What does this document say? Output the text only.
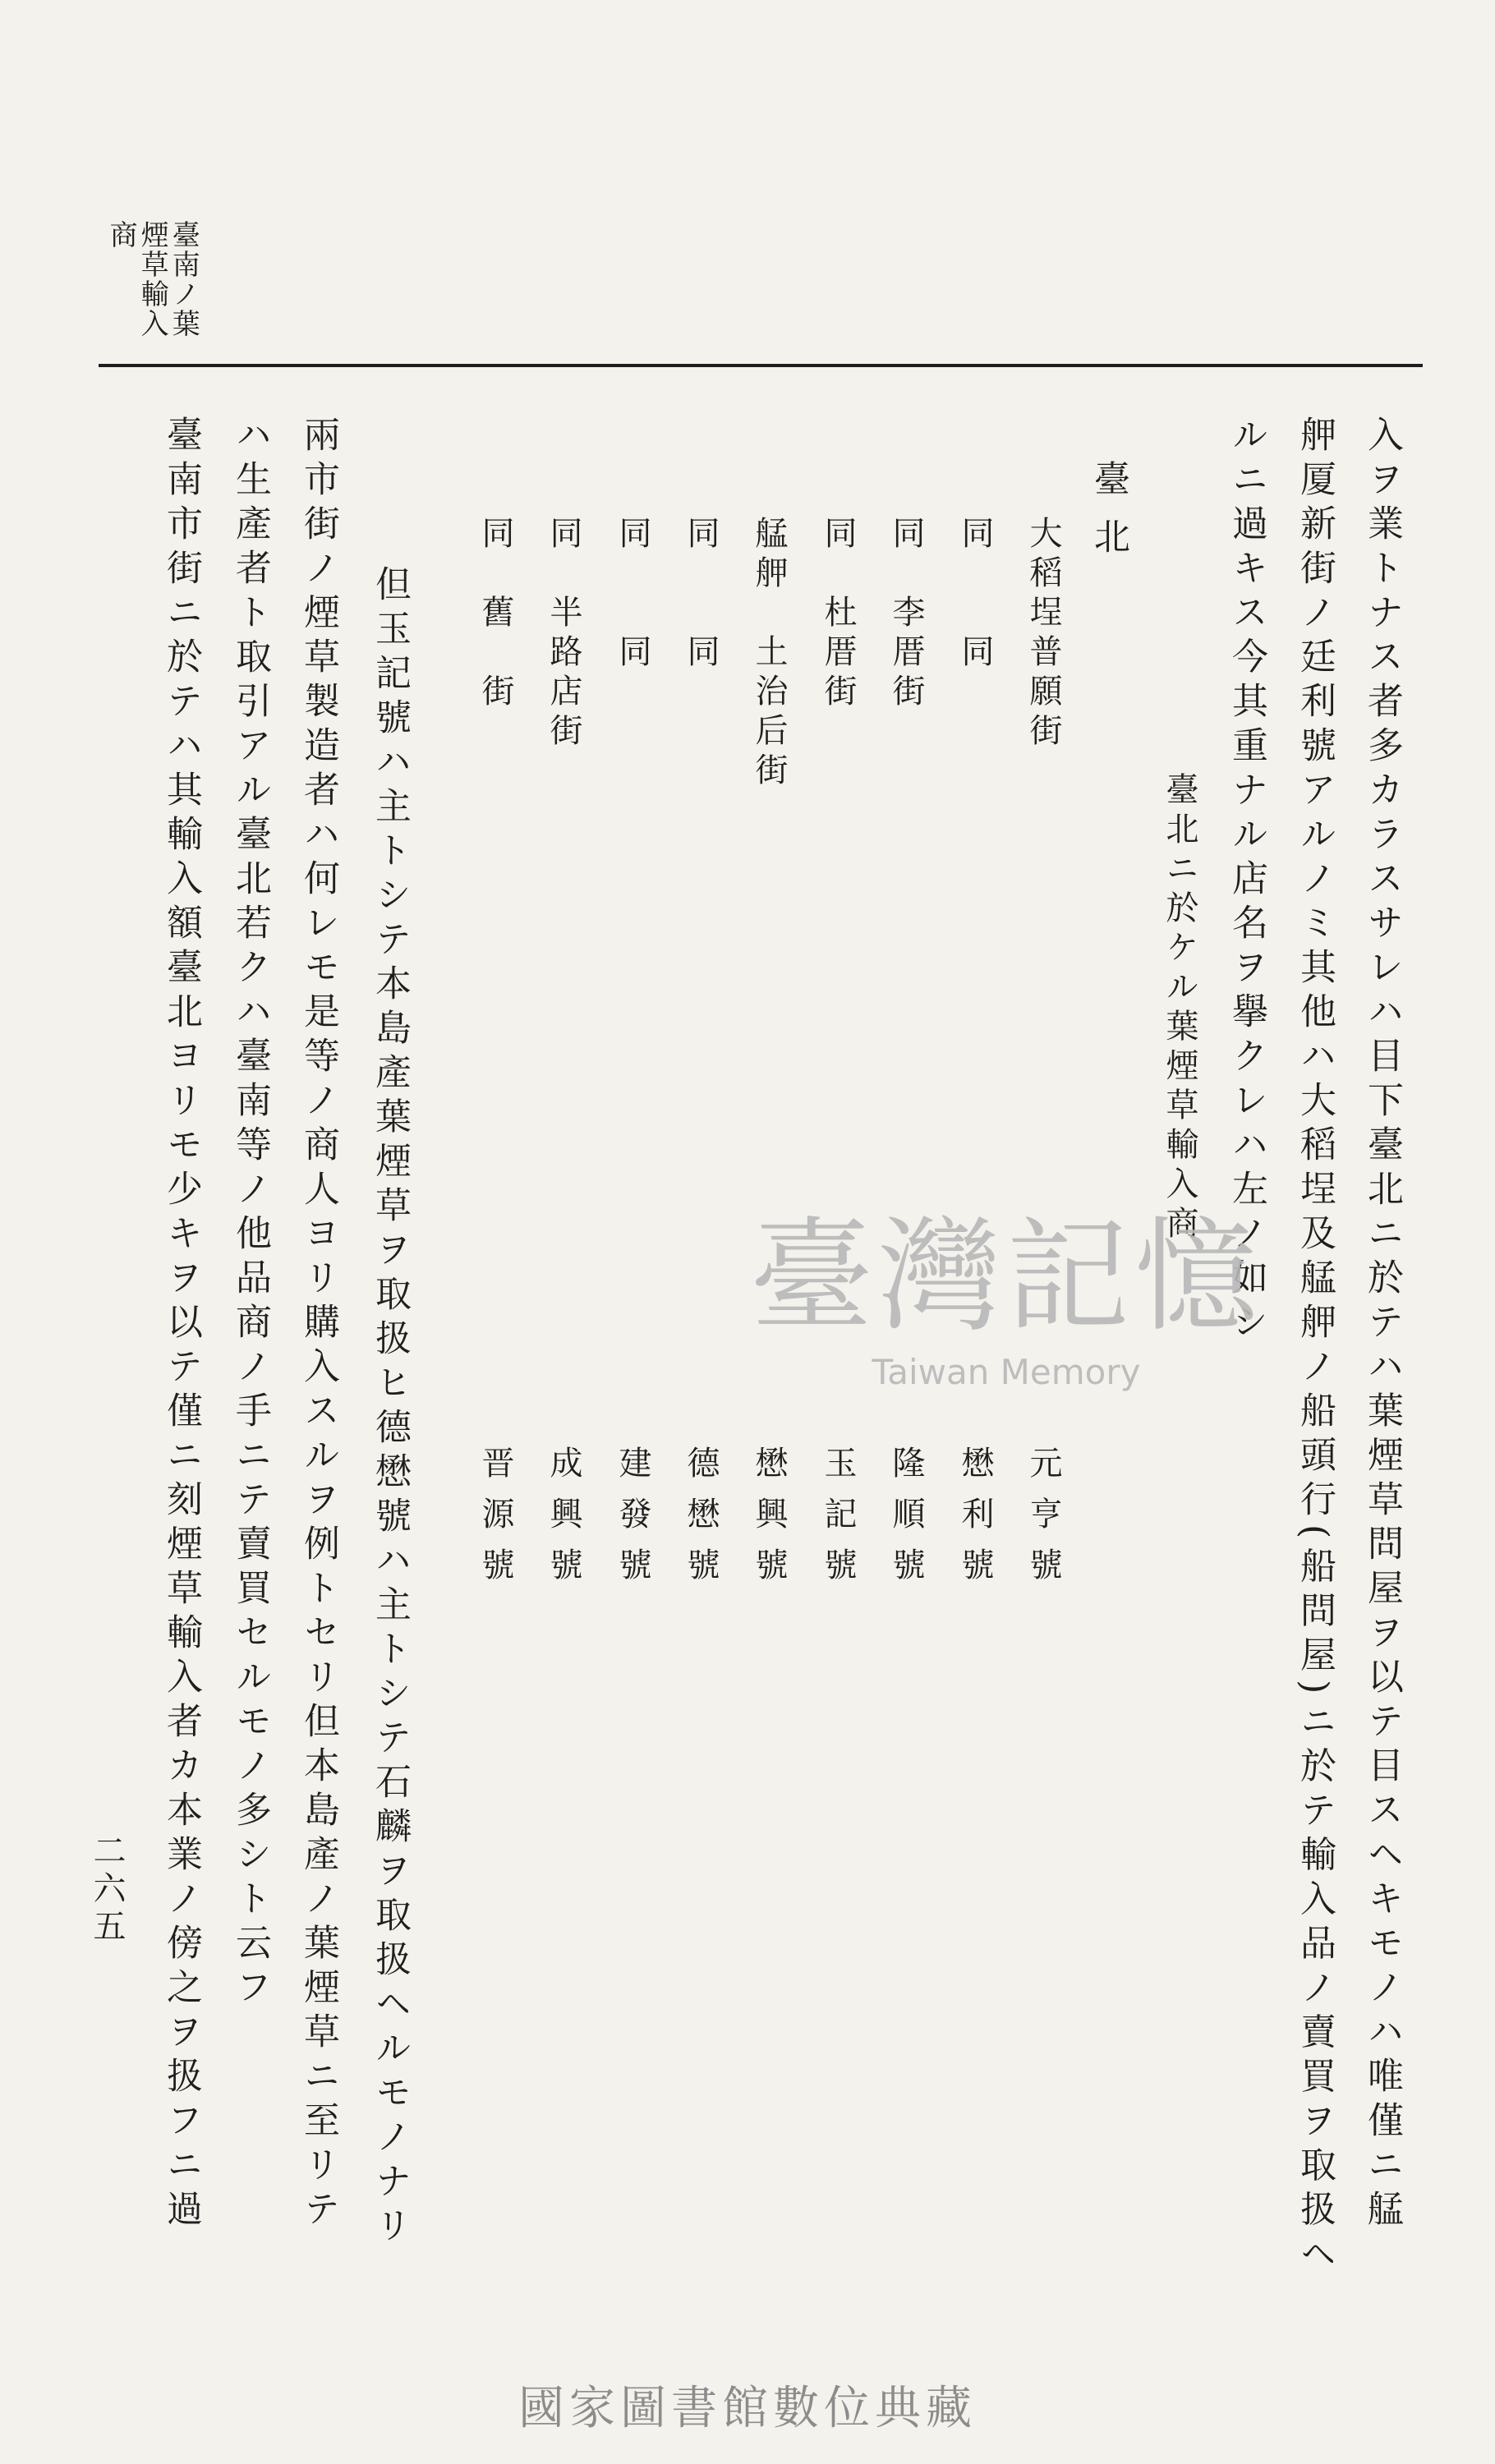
臺南ノ葉
煙草輸入
商
入ヲ業トナス者多カラスサレハ目下臺北ニ於テハ葉煙草問屋ヲ以テ目スヘキモノハ唯僅ニ艋
舺厦新街ノ廷利號アルノミ其他ハ大稻埕及艋舺ノ船頭行(船問屋)ニ於テ輸入品ノ賣買ヲ取扱ヘ
ルニ過キス今其重ナル店名ヲ擧クレハ左ノ如シ
臺北ニ於ケル葉煙草輸入商
臺北
大稻埕普願街
元亨號
同　　同
懋利號
同　李厝街
隆順號
同　杜厝街
玉記號
艋舺　土治后街
懋興號
同　　同
德懋號
同　　同
建發號
同　半路店街
成興號
同　舊　街
晋源號
但玉記號ハ主トシテ本島產葉煙草ヲ取扱ヒ德懋號ハ主トシテ石麟ヲ取扱ヘルモノナリ
兩市街ノ煙草製造者ハ何レモ是等ノ商人ヨリ購入スルヲ例トセリ但本島產ノ葉煙草ニ至リテ
ハ生產者ト取引アル臺北若クハ臺南等ノ他品商ノ手ニテ賣買セルモノ多シト云フ
臺南市街ニ於テハ其輸入額臺北ヨリモ少キヲ以テ僅ニ刻煙草輸入者カ本業ノ傍之ヲ扱フニ過
二六五
臺灣記憶
Taiwan Memory
國家圖書館數位典藏
